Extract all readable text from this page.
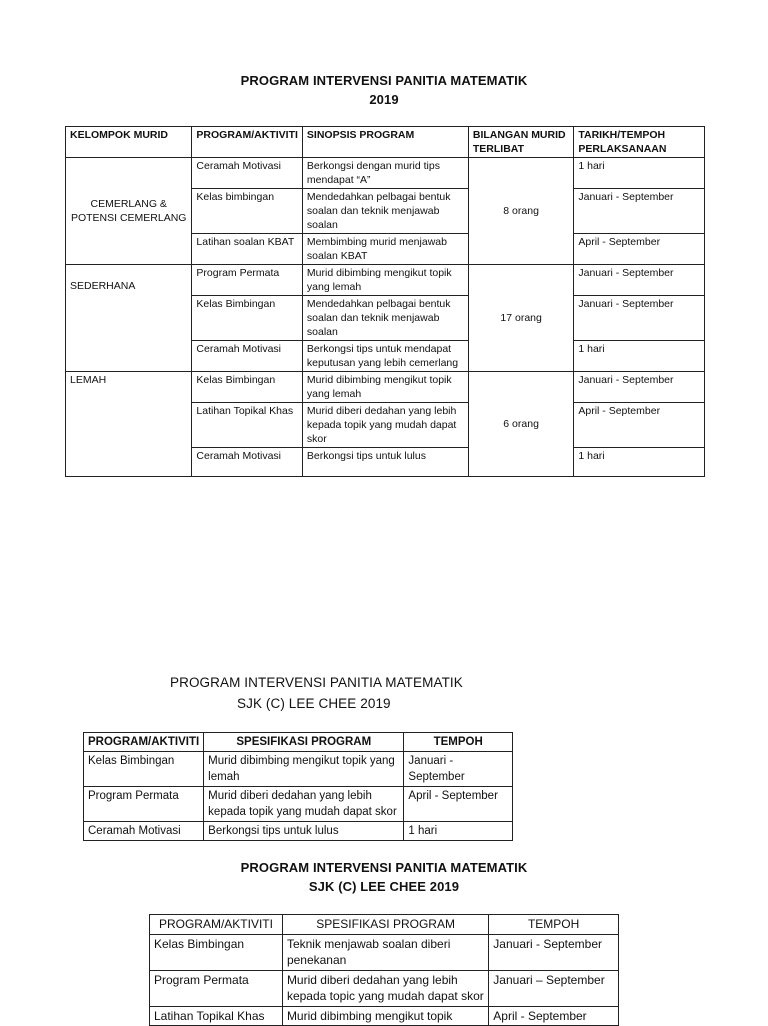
PROGRAM INTERVENSI PANITIA MATEMATIK
2019
KELOMPOK MURID	PROGRAM/AKTIVITI	SINOPSIS PROGRAM	BILANGAN MURID TERLIBAT	TARIKH/TEMPOH PERLAKSANAAN
CEMERLANG & POTENSI CEMERLANG	Ceramah Motivasi	Berkongsi dengan murid tips mendapat “A”	8 orang	1 hari
	Kelas bimbingan	Mendedahkan pelbagai bentuk soalan dan teknik menjawab soalan		Januari - September
	Latihan soalan KBAT	Membimbing murid menjawab soalan KBAT		April - September
SEDERHANA	Program Permata	Murid dibimbing mengikut topik yang lemah	17 orang	Januari - September
	Kelas Bimbingan	Mendedahkan pelbagai bentuk soalan dan teknik menjawab soalan		Januari - September
	Ceramah Motivasi	Berkongsi tips untuk mendapat keputusan yang lebih cemerlang		1 hari
LEMAH	Kelas Bimbingan	Murid dibimbing mengikut topik yang lemah	6 orang	Januari - September
	Latihan Topikal Khas	Murid diberi dedahan yang lebih kepada topik yang mudah dapat skor		April - September
	Ceramah Motivasi	Berkongsi tips untuk lulus		1 hari
PROGRAM INTERVENSI PANITIA MATEMATIK
SJK (C) LEE CHEE 2019
PROGRAM/AKTIVITI	SPESIFIKASI PROGRAM	TEMPOH
Kelas Bimbingan	Murid dibimbing mengikut topik yang lemah	Januari - September
Program Permata	Murid diberi dedahan yang lebih kepada topik yang mudah dapat skor	April - September
Ceramah Motivasi	Berkongsi tips untuk lulus	1 hari
PROGRAM INTERVENSI PANITIA MATEMATIK
SJK (C) LEE CHEE 2019
PROGRAM/AKTIVITI	SPESIFIKASI PROGRAM	TEMPOH
Kelas Bimbingan	Teknik menjawab soalan diberi penekanan	Januari - September
Program Permata	Murid diberi dedahan yang lebih kepada topic yang mudah dapat skor	Januari – September
Latihan Topikal Khas	Murid dibimbing mengikut topik	April - September
